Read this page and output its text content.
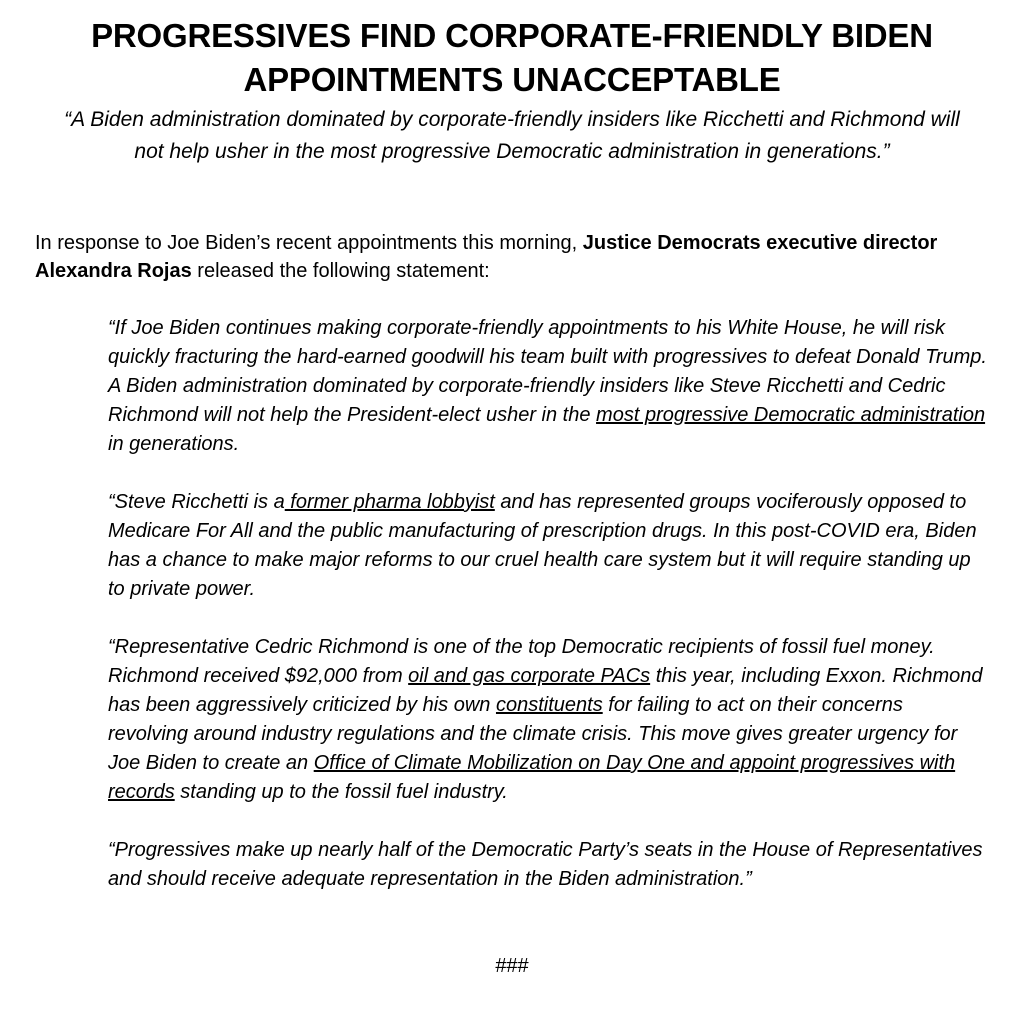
PROGRESSIVES FIND CORPORATE-FRIENDLY BIDEN APPOINTMENTS UNACCEPTABLE

“A Biden administration dominated by corporate-friendly insiders like Ricchetti and Richmond will not help usher in the most progressive Democratic administration in generations.”

In response to Joe Biden’s recent appointments this morning, Justice Democrats executive director Alexandra Rojas released the following statement:

“If Joe Biden continues making corporate-friendly appointments to his White House, he will risk quickly fracturing the hard-earned goodwill his team built with progressives to defeat Donald Trump. A Biden administration dominated by corporate-friendly insiders like Steve Ricchetti and Cedric Richmond will not help the President-elect usher in the most progressive Democratic administration in generations.

“Steve Ricchetti is a former pharma lobbyist and has represented groups vociferously opposed to Medicare For All and the public manufacturing of prescription drugs. In this post-COVID era, Biden has a chance to make major reforms to our cruel health care system but it will require standing up to private power.

“Representative Cedric Richmond is one of the top Democratic recipients of fossil fuel money. Richmond received $92,000 from oil and gas corporate PACs this year, including Exxon. Richmond has been aggressively criticized by his own constituents for failing to act on their concerns revolving around industry regulations and the climate crisis. This move gives greater urgency for Joe Biden to create an Office of Climate Mobilization on Day One and appoint progressives with records standing up to the fossil fuel industry.

“Progressives make up nearly half of the Democratic Party’s seats in the House of Representatives and should receive adequate representation in the Biden administration.”

###
